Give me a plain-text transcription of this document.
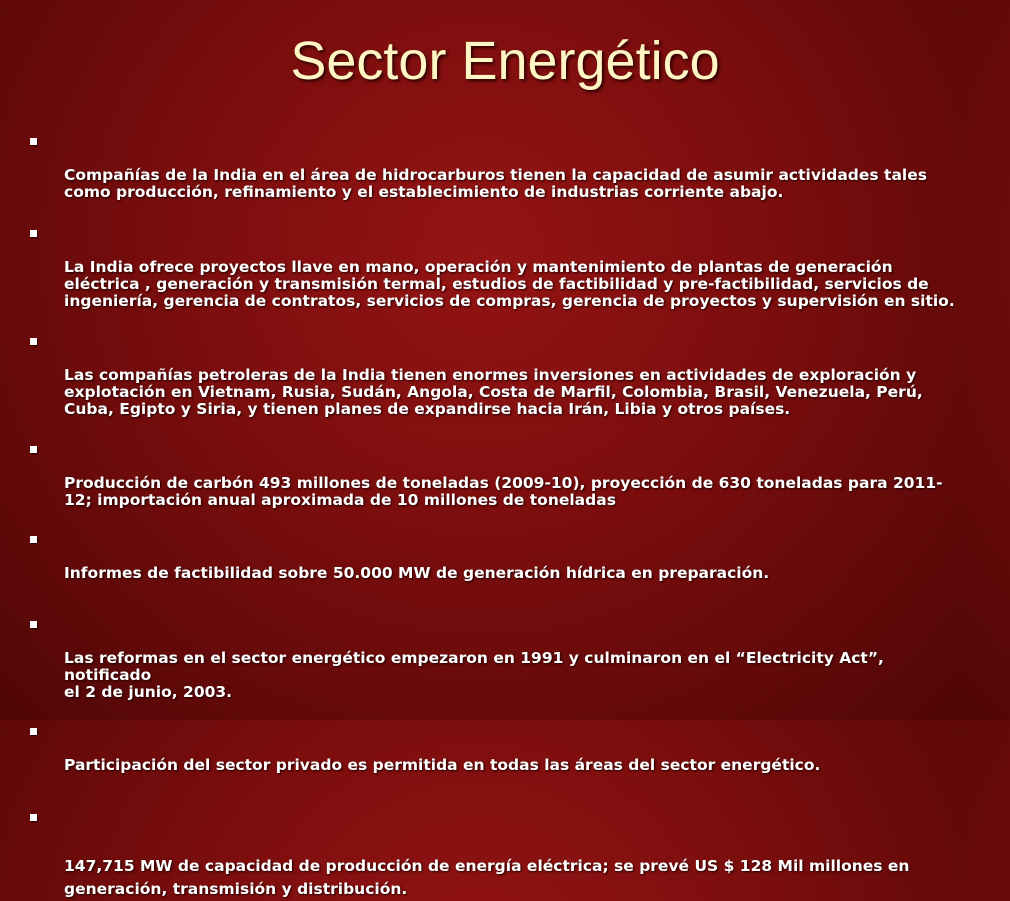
Sector Energético

Compañías de la India en el área de hidrocarburos tienen la capacidad de asumir actividades tales
como producción, refinamiento y el establecimiento de industrias corriente abajo.

La India ofrece proyectos llave en mano, operación y mantenimiento de plantas de generación
eléctrica , generación y transmisión termal, estudios de factibilidad y pre-factibilidad, servicios de
ingeniería, gerencia de contratos, servicios de compras, gerencia de proyectos y supervisión en sitio.

Las compañías petroleras de la India tienen enormes inversiones en actividades de exploración y
explotación en Vietnam, Rusia, Sudán, Angola, Costa de Marfil, Colombia, Brasil, Venezuela, Perú,
Cuba, Egipto y Siria, y tienen planes de expandirse hacia Irán, Libia y otros países.

Producción de carbón 493 millones de toneladas (2009-10), proyección de 630 toneladas para 2011-
12; importación anual aproximada de 10 millones de toneladas

Informes de factibilidad sobre 50.000 MW de generación hídrica en preparación.

Las reformas en el sector energético empezaron en 1991 y culminaron en el “Electricity Act”, notificado
el 2 de junio, 2003.

Participación del sector privado es permitida en todas las áreas del sector energético.

147,715 MW de capacidad de producción de energía eléctrica; se prevé US $ 128 Mil millones en
generación, transmisión y distribución.
